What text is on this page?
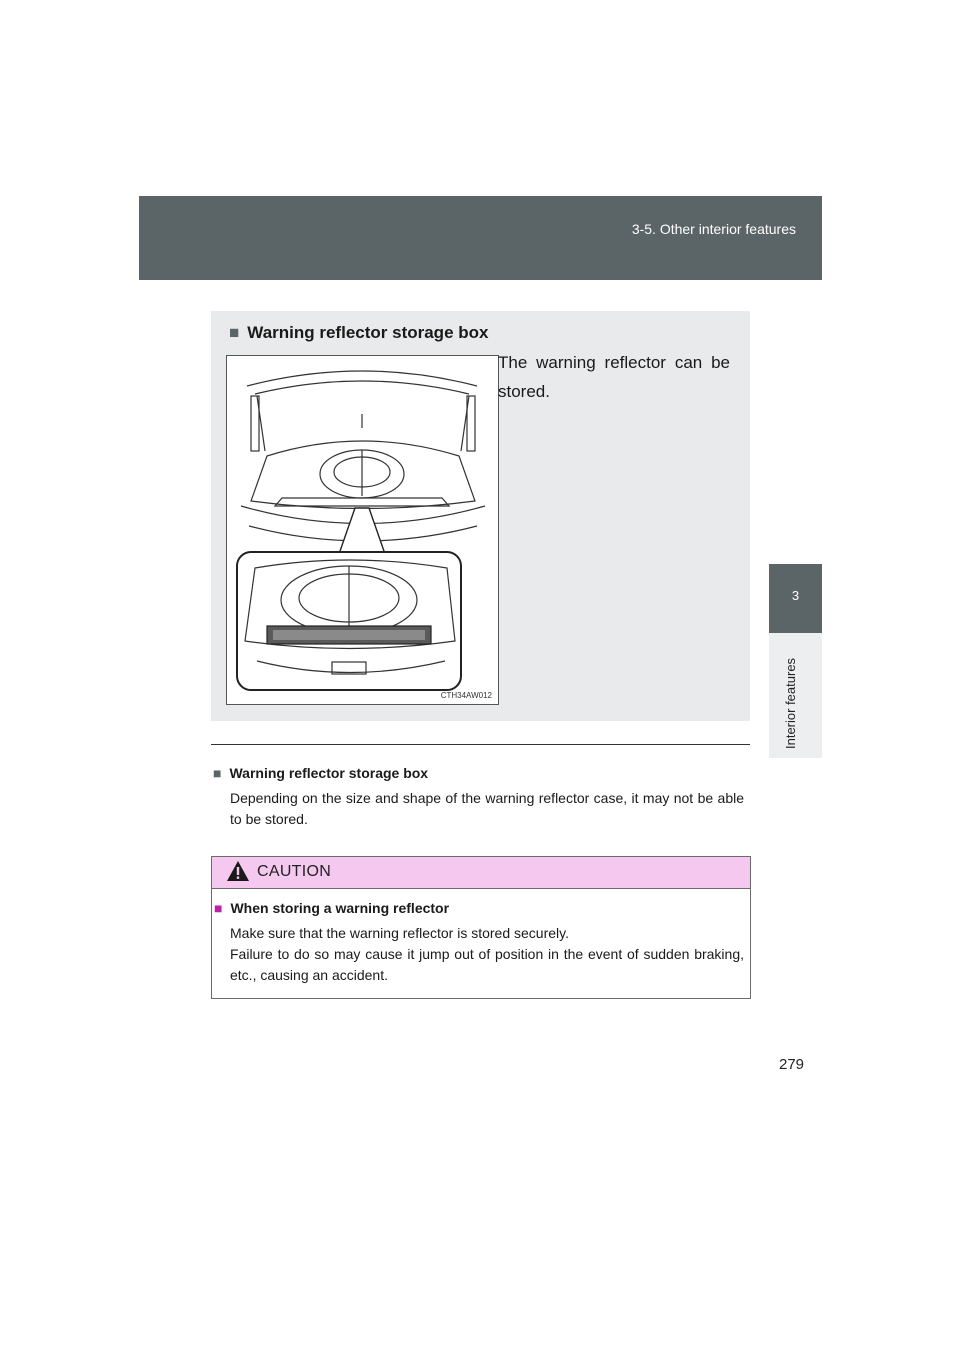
3-5. Other interior features
3
Interior features
■ Warning reflector storage box
CTH34AW012
The warning reflector can be stored.
■ Warning reflector storage box
Depending on the size and shape of the warning reflector case, it may not be able to be stored.
CAUTION
■ When storing a warning reflector

Make sure that the warning reflector is stored securely.

Failure to do so may cause it jump out of position in the event of sudden braking, etc., causing an accident.

279
